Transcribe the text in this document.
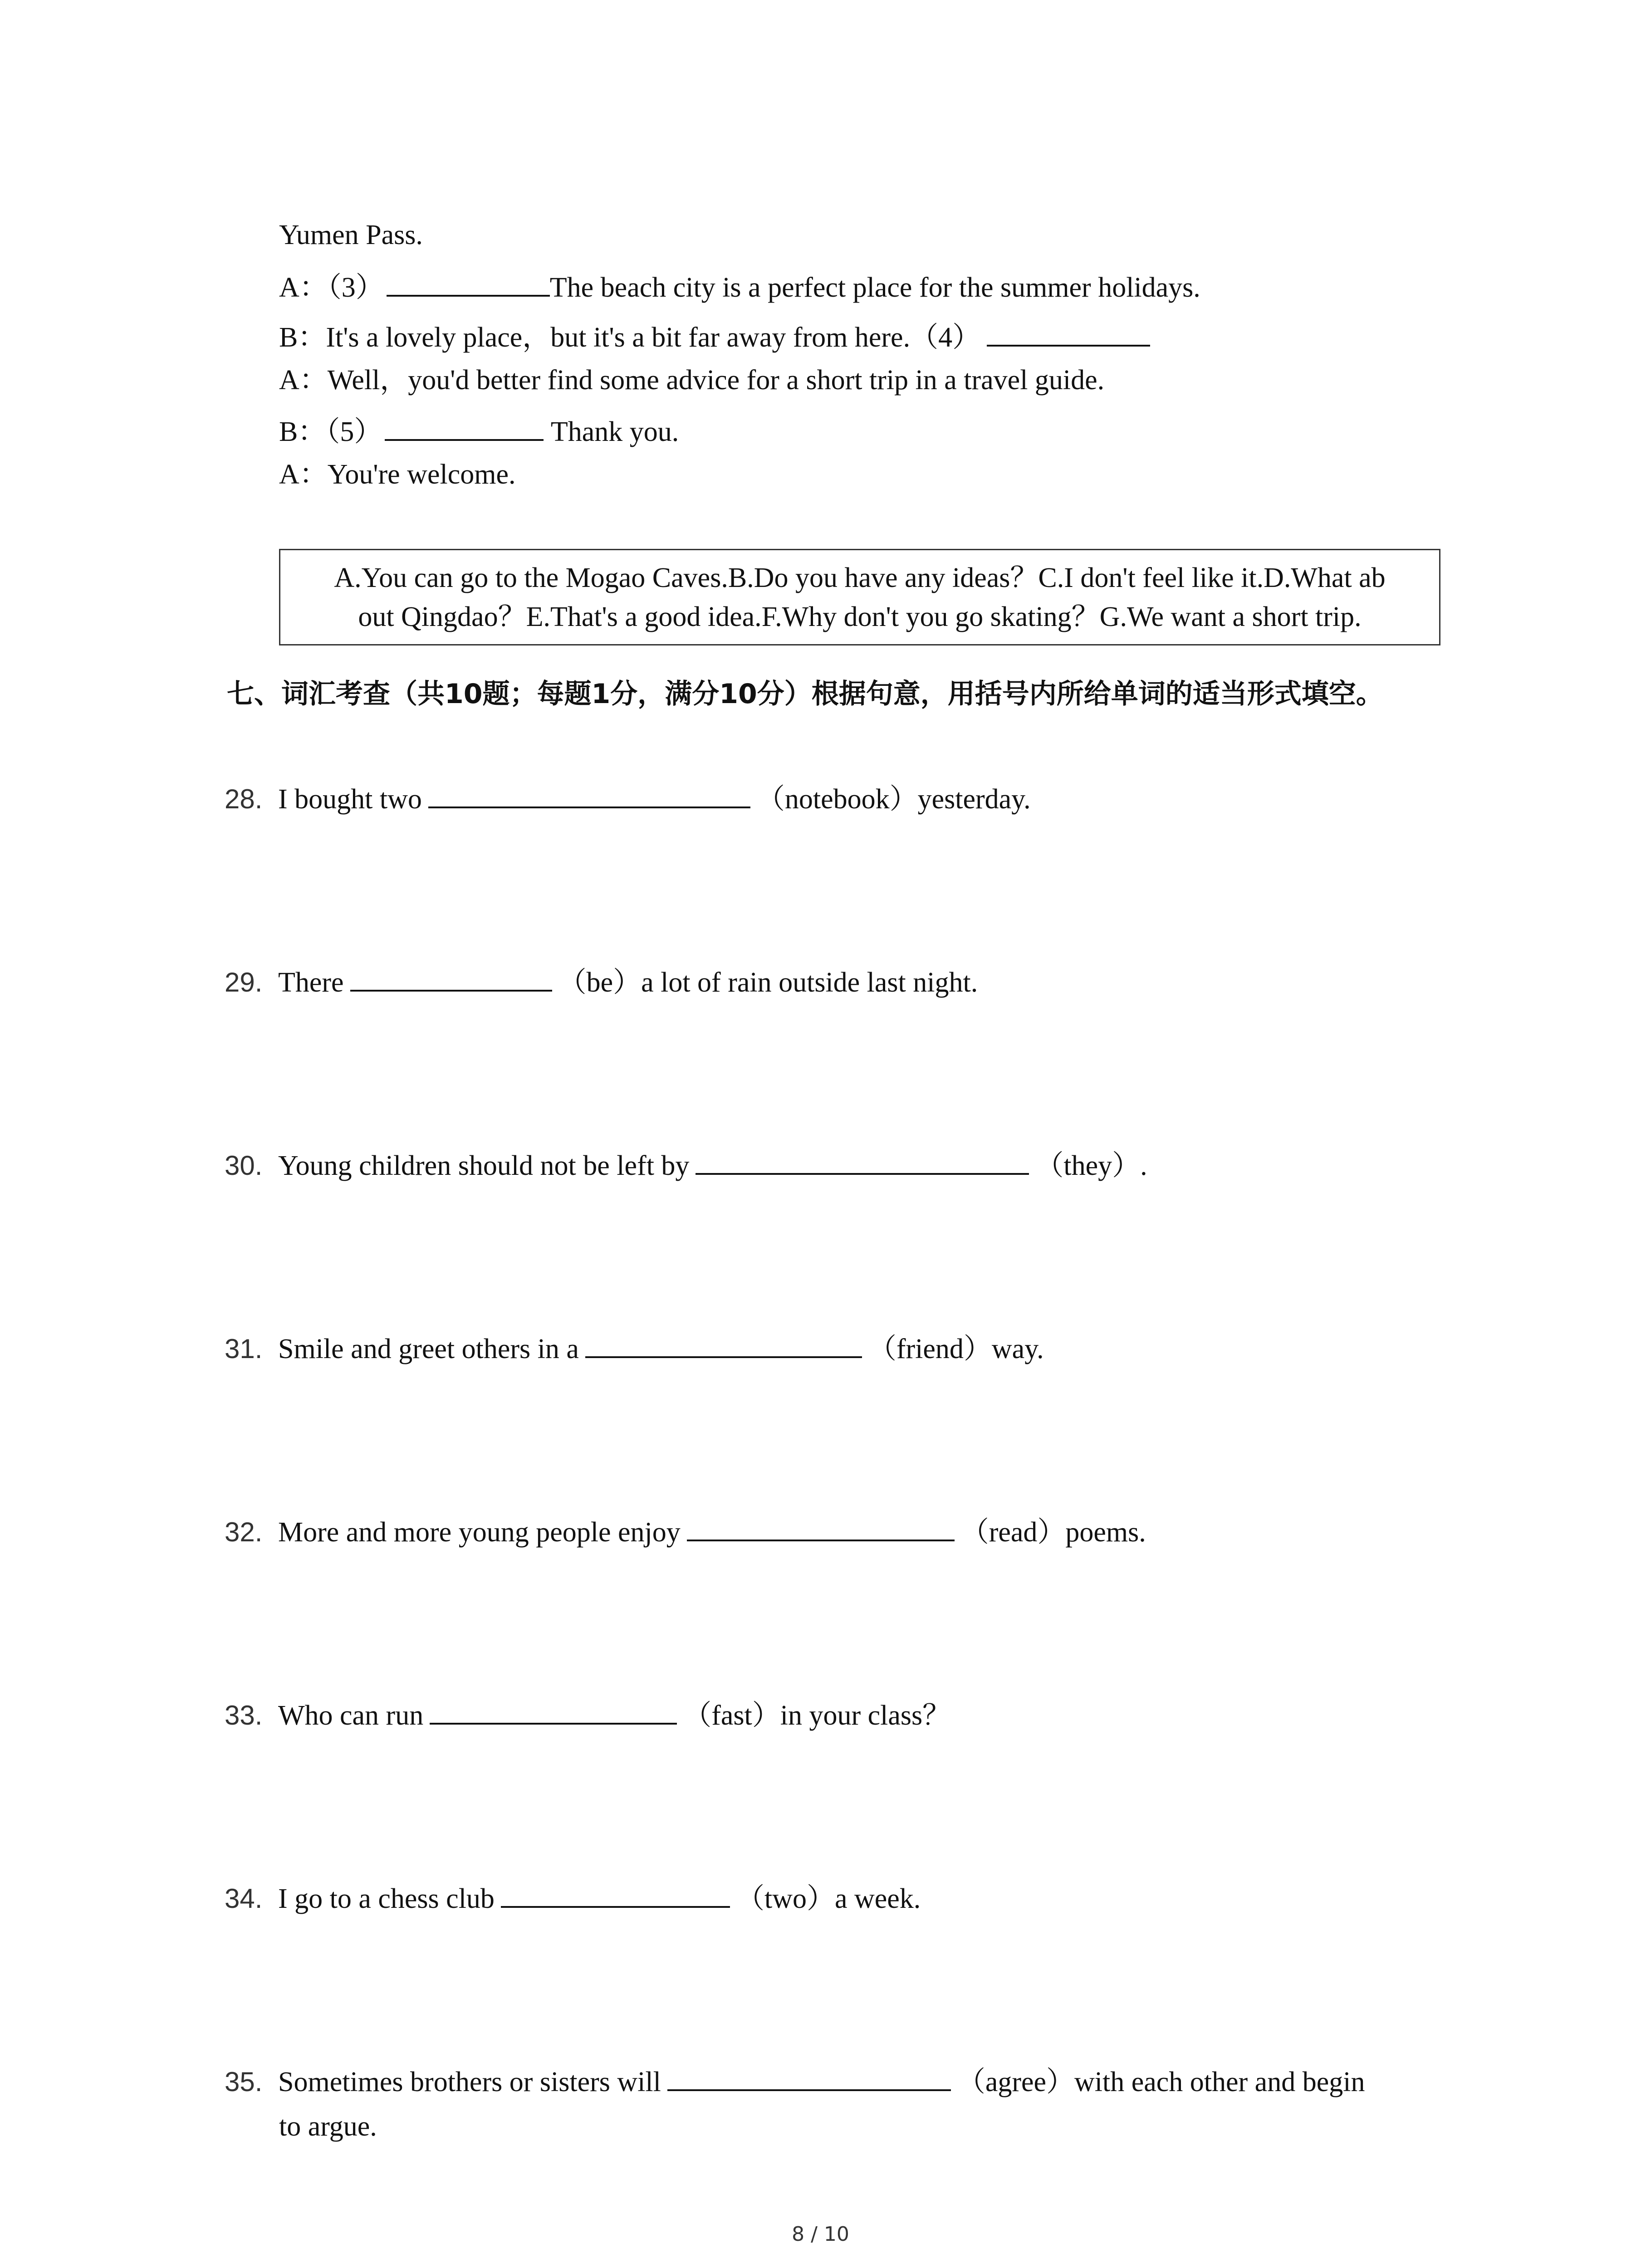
Yumen Pass.
A：（3）	The beach city is a perfect place for the summer holidays.
B：It's a lovely place，but it's a bit far away from here.（4）
A：Well，you'd better find some advice for a short trip in a travel guide.
B：（5）	Thank you.
A：You're welcome.
A.You can go to the Mogao Caves.B.Do you have any ideas？C.I don't feel like it.D.What ab
out Qingdao？E.That's a good idea.F.Why don't you go skating？G.We want a short trip.
七、词汇考查（共10题；每题1分，满分10分）根据句意，用括号内所给单词的适当形式填空。
28. I bought two	（notebook）yesterday.
29. There	（be）a lot of rain outside last night.
30. Young children should not be left by	（they）.
31. Smile and greet others in a	（friend）way.
32. More and more young people enjoy	（read）poems.
33. Who can run	（fast）in your class？
34. I go to a chess club	（two）a week.
35. Sometimes brothers or sisters will	（agree）with each other and begin
to argue.
8 / 10
